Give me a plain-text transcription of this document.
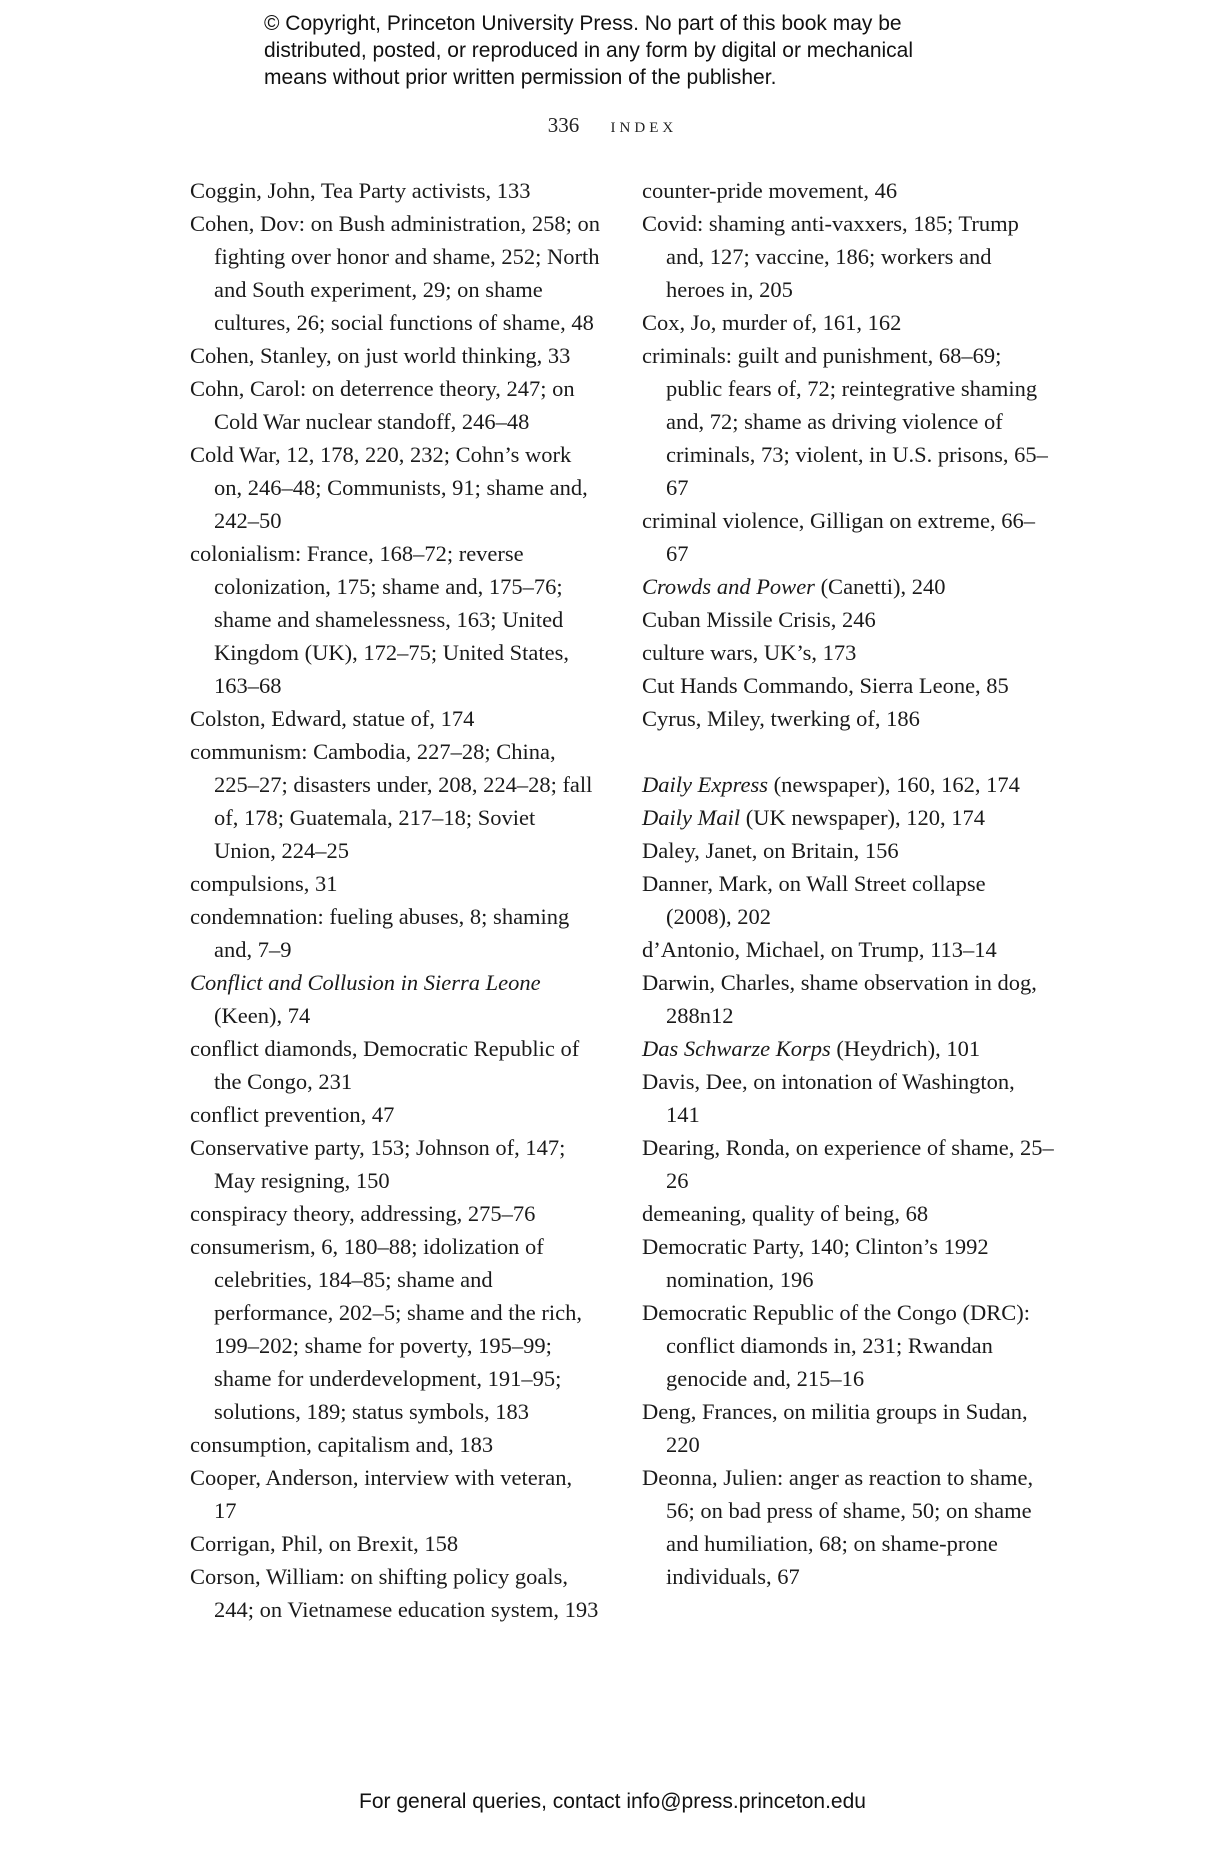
© Copyright, Princeton University Press. No part of this book may be

distributed, posted, or reproduced in any form by digital or mechanical

means without prior written permission of the publisher.

336 index

Coggin, John, Tea Party activists, 133

Cohen, Dov: on Bush administration, 258; on fighting over honor and shame, 252; North and South experiment, 29; on shame cultures, 26; social functions of shame, 48

Cohen, Stanley, on just world thinking, 33

Cohn, Carol: on deterrence theory, 247; on Cold War nuclear standoff, 246–48

Cold War, 12, 178, 220, 232; Cohn’s work on, 246–48; Communists, 91; shame and, 242–50

colonialism: France, 168–72; reverse colonization, 175; shame and, 175–76; shame and shamelessness, 163; United Kingdom (UK), 172–75; United States, 163–68

Colston, Edward, statue of, 174

communism: Cambodia, 227–28; China, 225–27; disasters under, 208, 224–28; fall of, 178; Guatemala, 217–18; Soviet Union, 224–25

compulsions, 31

condemnation: fueling abuses, 8; shaming and, 7–9

Conflict and Collusion in Sierra Leone (Keen), 74

conflict diamonds, Democratic Republic of the Congo, 231

conflict prevention, 47

Conservative party, 153; Johnson of, 147; May resigning, 150

conspiracy theory, addressing, 275–76

consumerism, 6, 180–88; idolization of celebrities, 184–85; shame and performance, 202–5; shame and the rich, 199–202; shame for poverty, 195–99; shame for underdevelopment, 191–95; solutions, 189; status symbols, 183

consumption, capitalism and, 183

Cooper, Anderson, interview with veteran, 17

Corrigan, Phil, on Brexit, 158

Corson, William: on shifting policy goals, 244; on Vietnamese education system, 193

counter-pride movement, 46

Covid: shaming anti-vaxxers, 185; Trump and, 127; vaccine, 186; workers and heroes in, 205

Cox, Jo, murder of, 161, 162

criminals: guilt and punishment, 68–69; public fears of, 72; reintegrative shaming and, 72; shame as driving violence of criminals, 73; violent, in U.S. prisons, 65–67

criminal violence, Gilligan on extreme, 66–67

Crowds and Power (Canetti), 240

Cuban Missile Crisis, 246

culture wars, UK’s, 173

Cut Hands Commando, Sierra Leone, 85

Cyrus, Miley, twerking of, 186

Daily Express (newspaper), 160, 162, 174

Daily Mail (UK newspaper), 120, 174

Daley, Janet, on Britain, 156

Danner, Mark, on Wall Street collapse (2008), 202

d’Antonio, Michael, on Trump, 113–14

Darwin, Charles, shame observation in dog, 288n12

Das Schwarze Korps (Heydrich), 101

Davis, Dee, on intonation of Washington, 141

Dearing, Ronda, on experience of shame, 25–26

demeaning, quality of being, 68

Democratic Party, 140; Clinton’s 1992 nomination, 196

Democratic Republic of the Congo (DRC): conflict diamonds in, 231; Rwandan genocide and, 215–16

Deng, Frances, on militia groups in Sudan, 220

Deonna, Julien: anger as reaction to shame, 56; on bad press of shame, 50; on shame and humiliation, 68; on shame-prone individuals, 67

For general queries, contact info@press.princeton.edu
